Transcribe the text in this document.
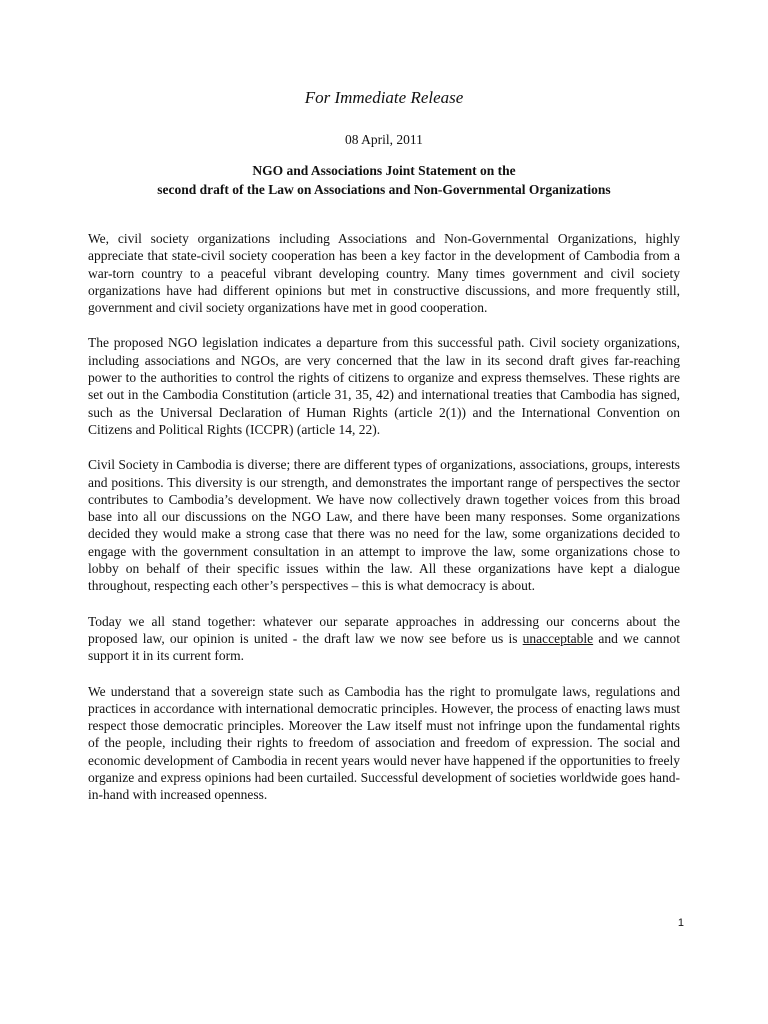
For Immediate Release
08 April, 2011
NGO and Associations Joint Statement on the
second draft of the Law on Associations and Non-Governmental Organizations

We, civil society organizations including Associations and Non-Governmental Organizations, highly appreciate that state-civil society cooperation has been a key factor in the development of Cambodia from a war-torn country to a peaceful vibrant developing country. Many times government and civil society organizations have had different opinions but met in constructive discussions, and more frequently still, government and civil society organizations have met in good cooperation.

The proposed NGO legislation indicates a departure from this successful path. Civil society organizations, including associations and NGOs, are very concerned that the law in its second draft gives far-reaching power to the authorities to control the rights of citizens to organize and express themselves. These rights are set out in the Cambodia Constitution (article 31, 35, 42) and international treaties that Cambodia has signed, such as the Universal Declaration of Human Rights (article 2(1)) and the International Convention on Citizens and Political Rights (ICCPR) (article 14, 22).

Civil Society in Cambodia is diverse; there are different types of organizations, associations, groups, interests and positions. This diversity is our strength, and demonstrates the important range of perspectives the sector contributes to Cambodia’s development. We have now collectively drawn together voices from this broad base into all our discussions on the NGO Law, and there have been many responses. Some organizations decided they would make a strong case that there was no need for the law, some organizations decided to engage with the government consultation in an attempt to improve the law, some organizations chose to lobby on behalf of their specific issues within the law. All these organizations have kept a dialogue throughout, respecting each other’s perspectives – this is what democracy is about.

Today we all stand together: whatever our separate approaches in addressing our concerns about the proposed law, our opinion is united - the draft law we now see before us is unacceptable and we cannot support it in its current form.

We understand that a sovereign state such as Cambodia has the right to promulgate laws, regulations and practices in accordance with international democratic principles. However, the process of enacting laws must respect those democratic principles. Moreover the Law itself must not infringe upon the fundamental rights of the people, including their rights to freedom of association and freedom of expression. The social and economic development of Cambodia in recent years would never have happened if the opportunities to freely organize and express opinions had been curtailed. Successful development of societies worldwide goes hand-in-hand with increased openness.

1
